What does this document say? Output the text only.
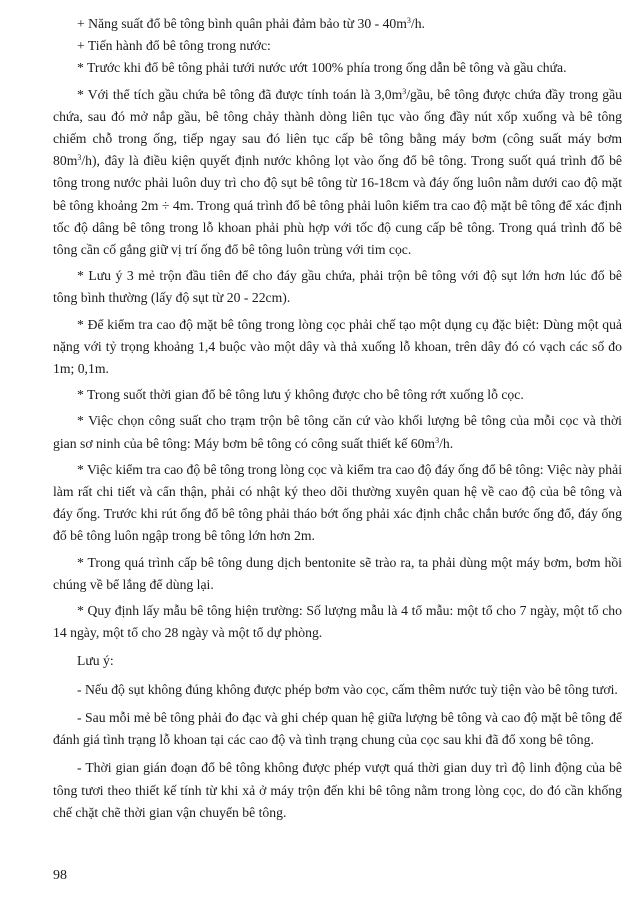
+ Năng suất đổ bê tông bình quân phải đảm bảo từ $30 - 40m^3/h$.

+ Tiến hành đổ bê tông trong nước:

* Trước khi đổ bê tông phải tưới nước ướt 100% phía trong ống dẫn bê tông và gầu chứa.

* Với thể tích gầu chứa bê tông đã được tính toán là $3,0m^3$/gầu, bê tông được chứa đầy trong gầu chứa, sau đó mở nắp gầu, bê tông chảy thành dòng liên tục vào ống đầy nút xốp xuống và bê tông chiếm chỗ trong ống, tiếp ngay sau đó liên tục cấp bê tông bằng máy bơm (công suất máy bơm $80m^3/h$), đây là điều kiện quyết định nước không lọt vào ống đổ bê tông. Trong suốt quá trình đổ bê tông trong nước phải luôn duy trì cho độ sụt bê tông từ 16-18cm và đáy ống luôn nằm dưới cao độ mặt bê tông khoảng 2m ÷ 4m. Trong quá trình đổ bê tông phải luôn kiểm tra cao độ mặt bê tông để xác định tốc độ dâng bê tông trong lỗ khoan phải phù hợp với tốc độ cung cấp bê tông. Trong quá trình đổ bê tông cần cố gắng giữ vị trí ống đổ bê tông luôn trùng với tim cọc.

* Lưu ý 3 mẻ trộn đầu tiên để cho đáy gầu chứa, phải trộn bê tông với độ sụt lớn hơn lúc đổ bê tông bình thường (lấy độ sụt từ 20 - 22cm).

* Để kiểm tra cao độ mặt bê tông trong lòng cọc phải chế tạo một dụng cụ đặc biệt: Dùng một quả nặng với tỷ trọng khoảng 1,4 buộc vào một dây và thả xuống lỗ khoan, trên dây đó có vạch các số đo 1m; 0,1m.

* Trong suốt thời gian đổ bê tông lưu ý không được cho bê tông rớt xuống lỗ cọc.

* Việc chọn công suất cho trạm trộn bê tông căn cứ vào khối lượng bê tông của mỗi cọc và thời gian sơ ninh của bê tông: Máy bơm bê tông có công suất thiết kế $60m^3/h$.

* Việc kiểm tra cao độ bê tông trong lòng cọc và kiểm tra cao độ đáy ống đổ bê tông: Việc này phải làm rất chi tiết và cẩn thận, phải có nhật ký theo dõi thường xuyên quan hệ về cao độ của bê tông và đáy ống. Trước khi rút ống đổ bê tông phải tháo bớt ống phải xác định chắc chắn bước ống đổ, đáy ống đổ bê tông luôn ngập trong bê tông lớn hơn 2m.

* Trong quá trình cấp bê tông dung dịch bentonite sẽ trào ra, ta phải dùng một máy bơm, bơm hồi chúng về bể lắng để dùng lại.

* Quy định lấy mẫu bê tông hiện trường: Số lượng mẫu là 4 tổ mẫu: một tổ cho 7 ngày, một tổ cho 14 ngày, một tổ cho 28 ngày và một tổ dự phòng.

Lưu ý:

- Nếu độ sụt không đúng không được phép bơm vào cọc, cấm thêm nước tuỳ tiện vào bê tông tươi.

- Sau mỗi mẻ bê tông phải đo đạc và ghi chép quan hệ giữa lượng bê tông và cao độ mặt bê tông để đánh giá tình trạng lỗ khoan tại các cao độ và tình trạng chung của cọc sau khi đã đổ xong bê tông.

- Thời gian gián đoạn đổ bê tông không được phép vượt quá thời gian duy trì độ linh động của bê tông tươi theo thiết kế tính từ khi xả ở máy trộn đến khi bê tông nằm trong lòng cọc, do đó cần khống chế chặt chẽ thời gian vận chuyển bê tông.

98
